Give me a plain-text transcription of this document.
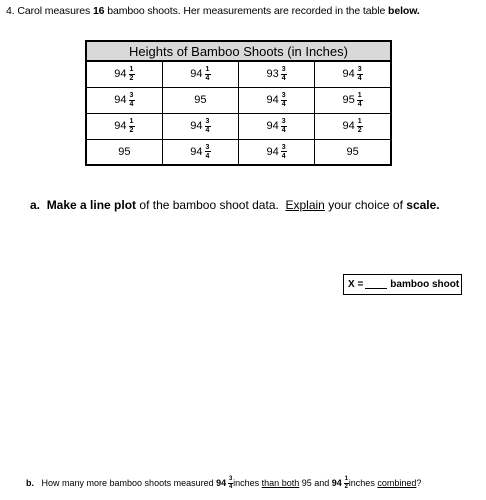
4. Carol measures 16 bamboo shoots. Her measurements are recorded in the table below.
Heights of Bamboo Shoots (in Inches)			

$94 \frac{1}{2}$	$94 \frac{1}{4}$	$93 \frac{3}{4}$	$94 \frac{3}{4}$

$94 \frac{3}{4}$	95	$94 \frac{3}{4}$	$95 \frac{1}{4}$

$94 \frac{1}{2}$	$94 \frac{3}{4}$	$94 \frac{3}{4}$	$94 \frac{1}{2}$

95	$94 \frac{3}{4}$	$94 \frac{3}{4}$	95
a. Make a line plot of the bamboo shoot data. Explain your choice of scale.
X =	bamboo shoot
b.
How many more bamboo shoots measured
$94 \frac{3}{4}$ inches
than both
95 and
$94 \frac{1}{2}$ inches
combined ?
